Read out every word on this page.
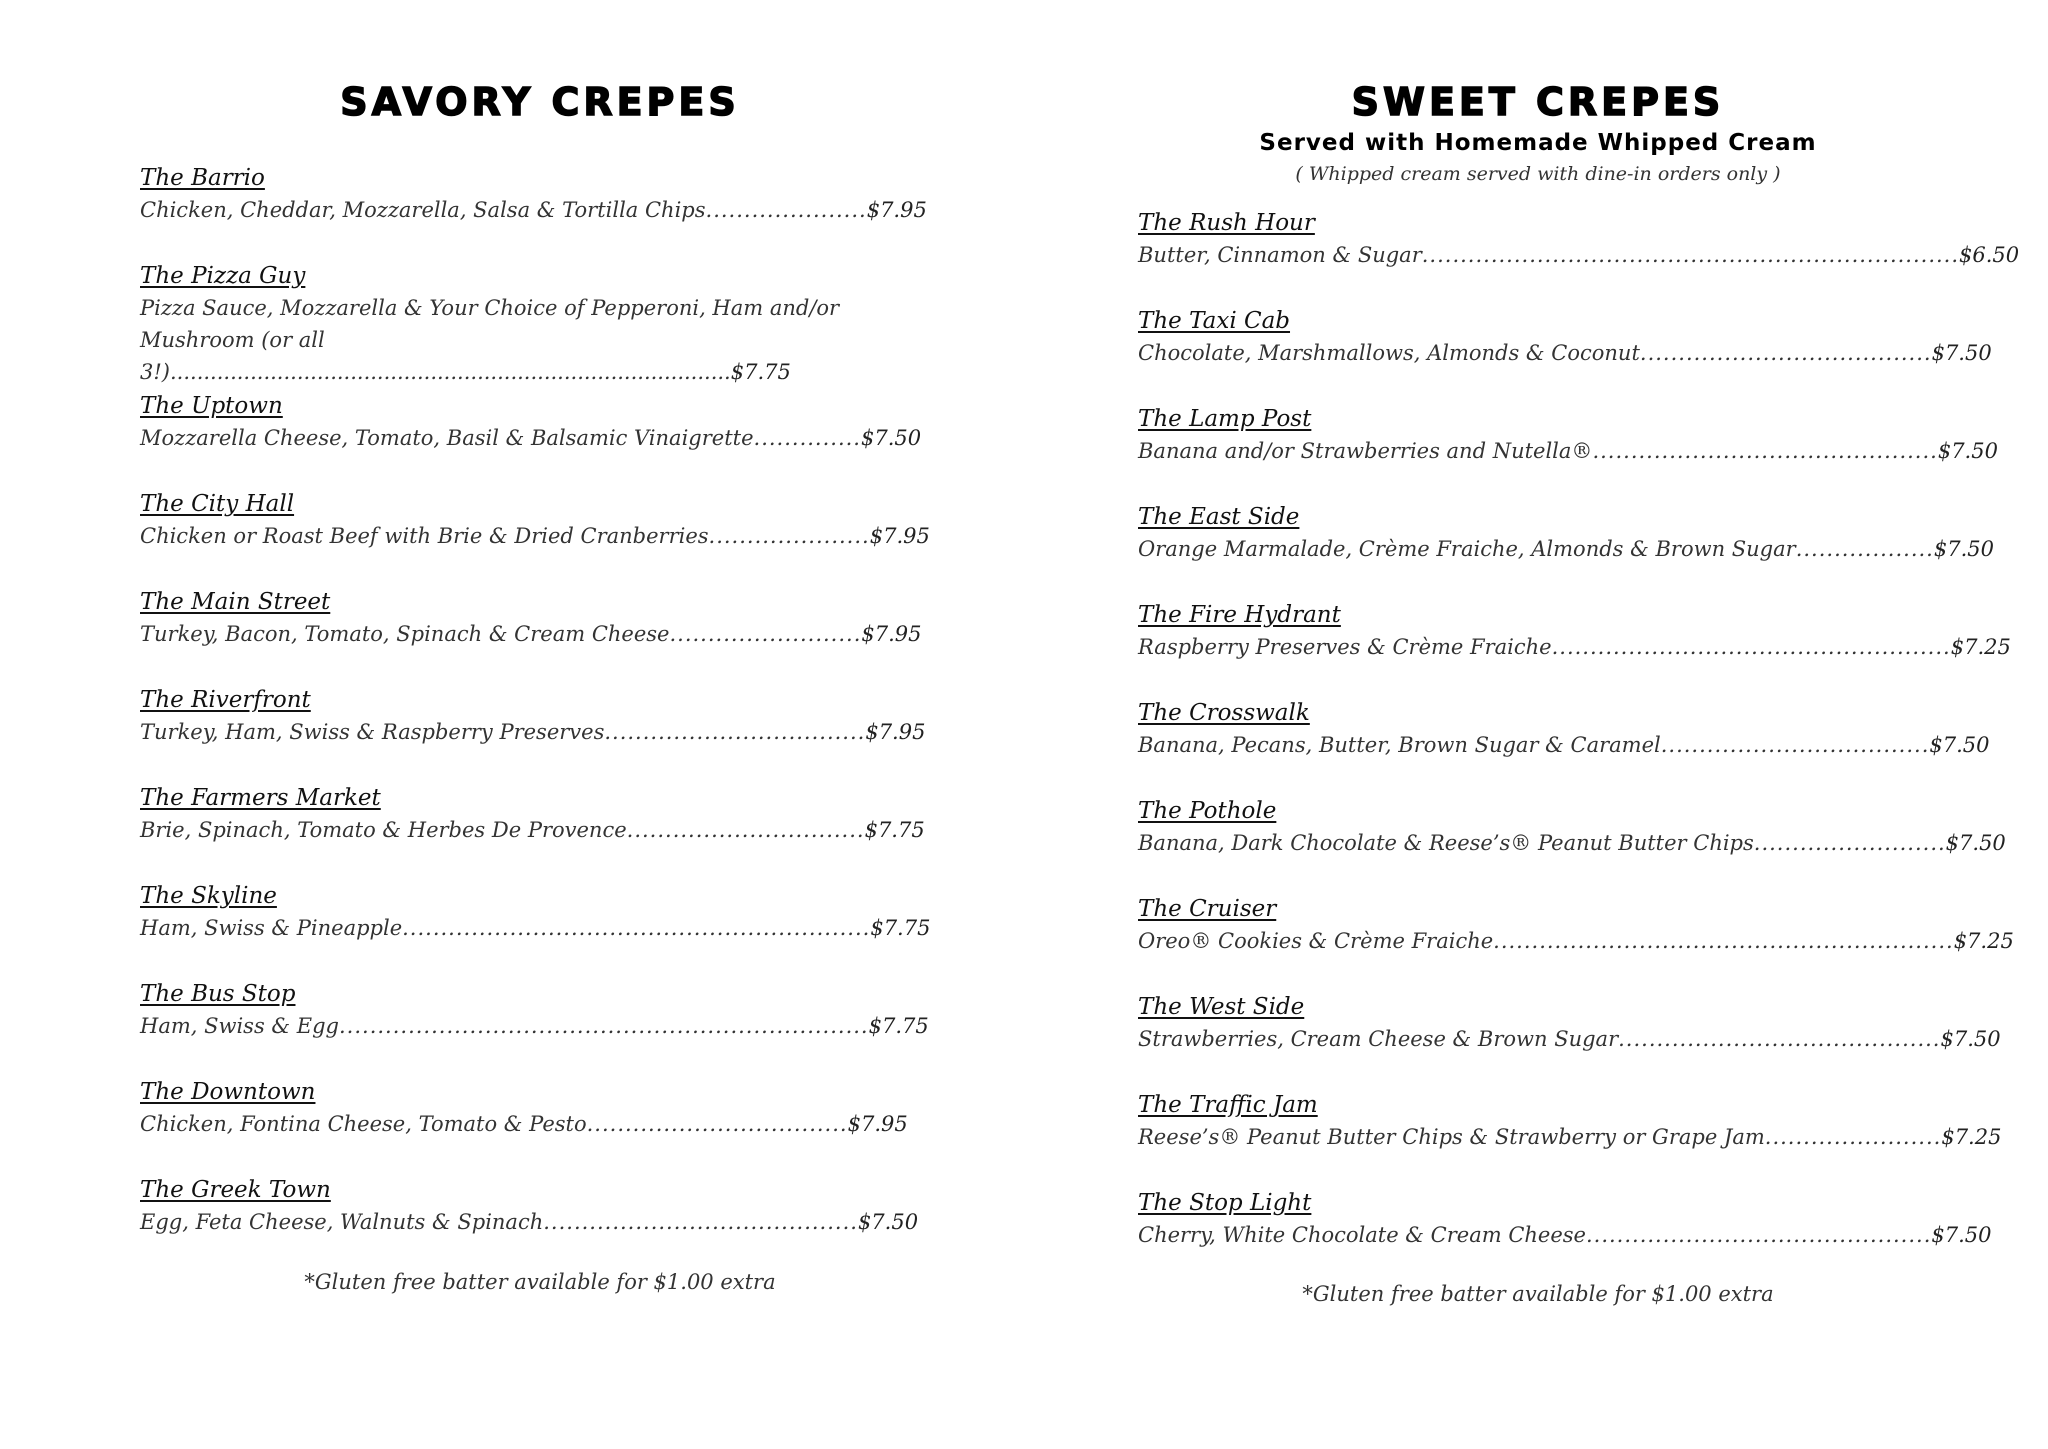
SAVORY CREPES
The Barrio
Chicken, Cheddar, Mozzarella, Salsa & Tortilla Chips.....................$7.95
The Pizza Guy
Pizza Sauce, Mozzarella & Your Choice of Pepperoni, Ham and/or Mushroom (or all 3!)....................................................................................$7.75
The Uptown
Mozzarella Cheese, Tomato, Basil & Balsamic Vinaigrette..............$7.50
The City Hall
Chicken or Roast Beef with Brie & Dried Cranberries.....................$7.95
The Main Street
Turkey, Bacon, Tomato, Spinach & Cream Cheese.........................$7.95
The Riverfront
Turkey, Ham, Swiss & Raspberry Preserves..................................$7.95
The Farmers Market
Brie, Spinach, Tomato & Herbes De Provence...............................$7.75
The Skyline
Ham, Swiss & Pineapple.............................................................$7.75
The Bus Stop
Ham, Swiss & Egg.....................................................................$7.75
The Downtown
Chicken, Fontina Cheese, Tomato & Pesto..................................$7.95
The Greek Town
Egg, Feta Cheese, Walnuts & Spinach.........................................$7.50
*Gluten free batter available for $1.00 extra
SWEET CREPES
Served with Homemade Whipped Cream
( Whipped cream served with dine-in orders only )
The Rush Hour
Butter, Cinnamon & Sugar......................................................................$6.50
The Taxi Cab
Chocolate, Marshmallows, Almonds & Coconut......................................$7.50
The Lamp Post
Banana and/or Strawberries and Nutella®.............................................$7.50
The East Side
Orange Marmalade, Crème Fraiche, Almonds & Brown Sugar..................$7.50
The Fire Hydrant
Raspberry Preserves & Crème Fraiche....................................................$7.25
The Crosswalk
Banana, Pecans, Butter, Brown Sugar & Caramel...................................$7.50
The Pothole
Banana, Dark Chocolate & Reese’s® Peanut Butter Chips.........................$7.50
The Cruiser
Oreo® Cookies & Crème Fraiche............................................................$7.25
The West Side
Strawberries, Cream Cheese & Brown Sugar..........................................$7.50
The Traffic Jam
Reese’s® Peanut Butter Chips & Strawberry or Grape Jam.......................$7.25
The Stop Light
Cherry, White Chocolate & Cream Cheese.............................................$7.50
*Gluten free batter available for $1.00 extra
